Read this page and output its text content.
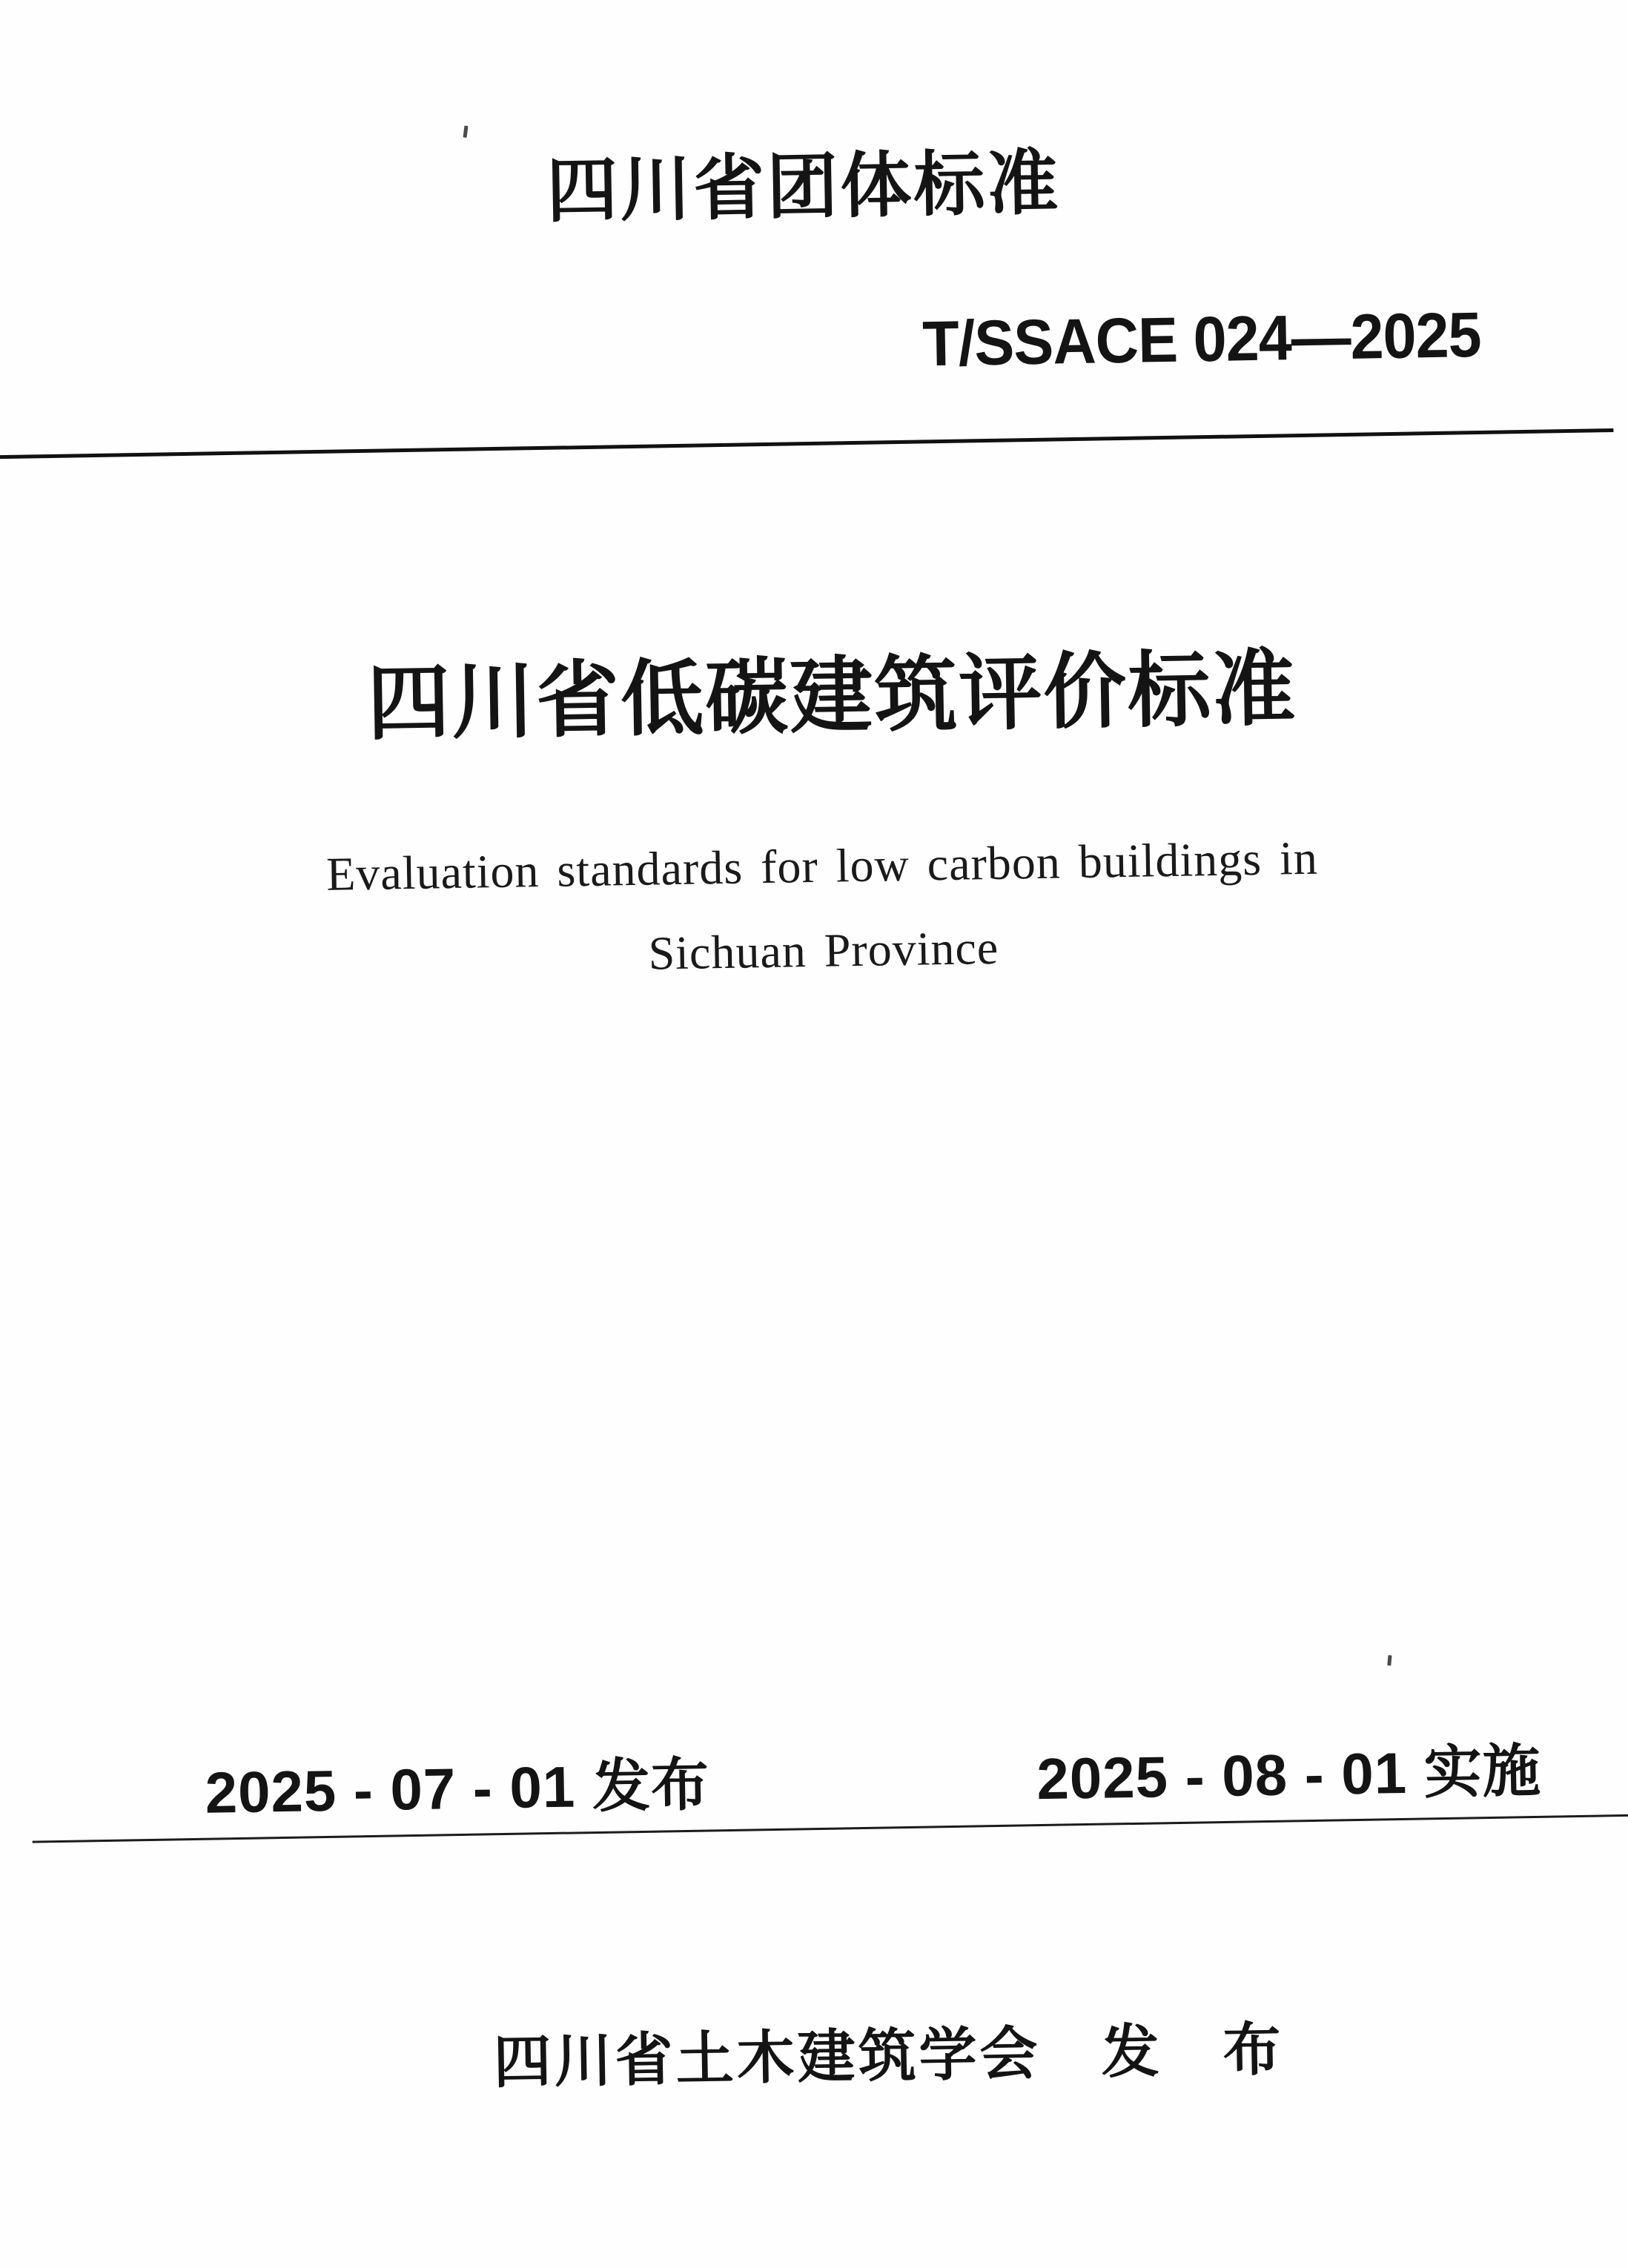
四川省团体标准
T/SSACE 024—2025
四川省低碳建筑评价标准
Evaluation standards for low carbon buildings in
Sichuan Province
2025 - 07 - 01 发布	2025 - 08 - 01 实施
四川省土木建筑学会　发　布
